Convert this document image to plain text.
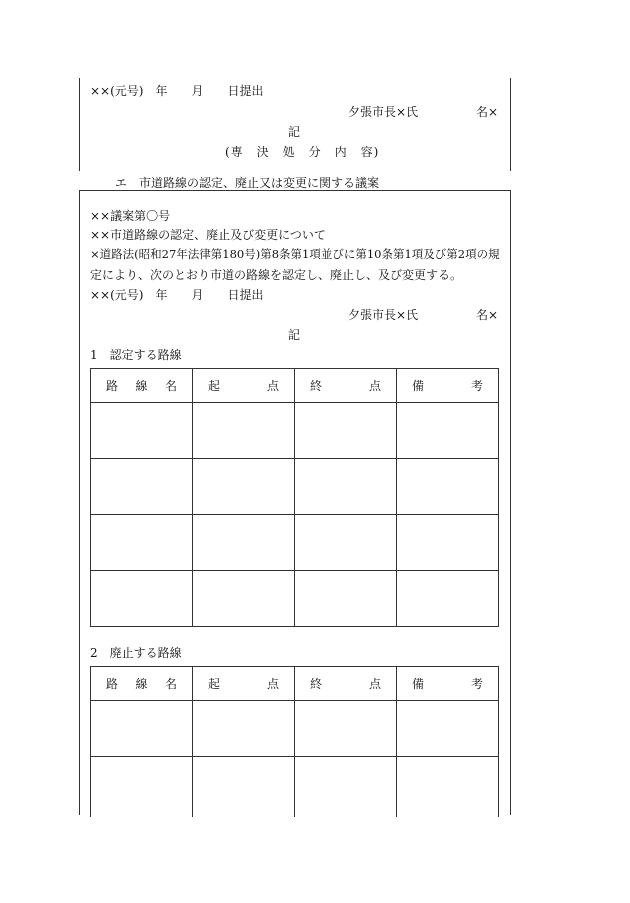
××(元号)　年　　月　　日提出
夕張市長×氏	名×
記
(専　決　処　分　内　容)
エ　市道路線の認定、廃止又は変更に関する議案
××議案第〇号
××市道路線の認定、廃止及び変更について
×道路法(昭和27年法律第180号)第8条第1項並びに第10条第1項及び第2項の規
定により、次のとおり市道の路線を認定し、廃止し、及び変更する。
××(元号)　年　　月　　日提出
夕張市長×氏	名×
記
1　認定する路線
路 線 名	起 点	終 点	備 考

2　廃止する路線
路 線 名	起 点	終 点	備 考
